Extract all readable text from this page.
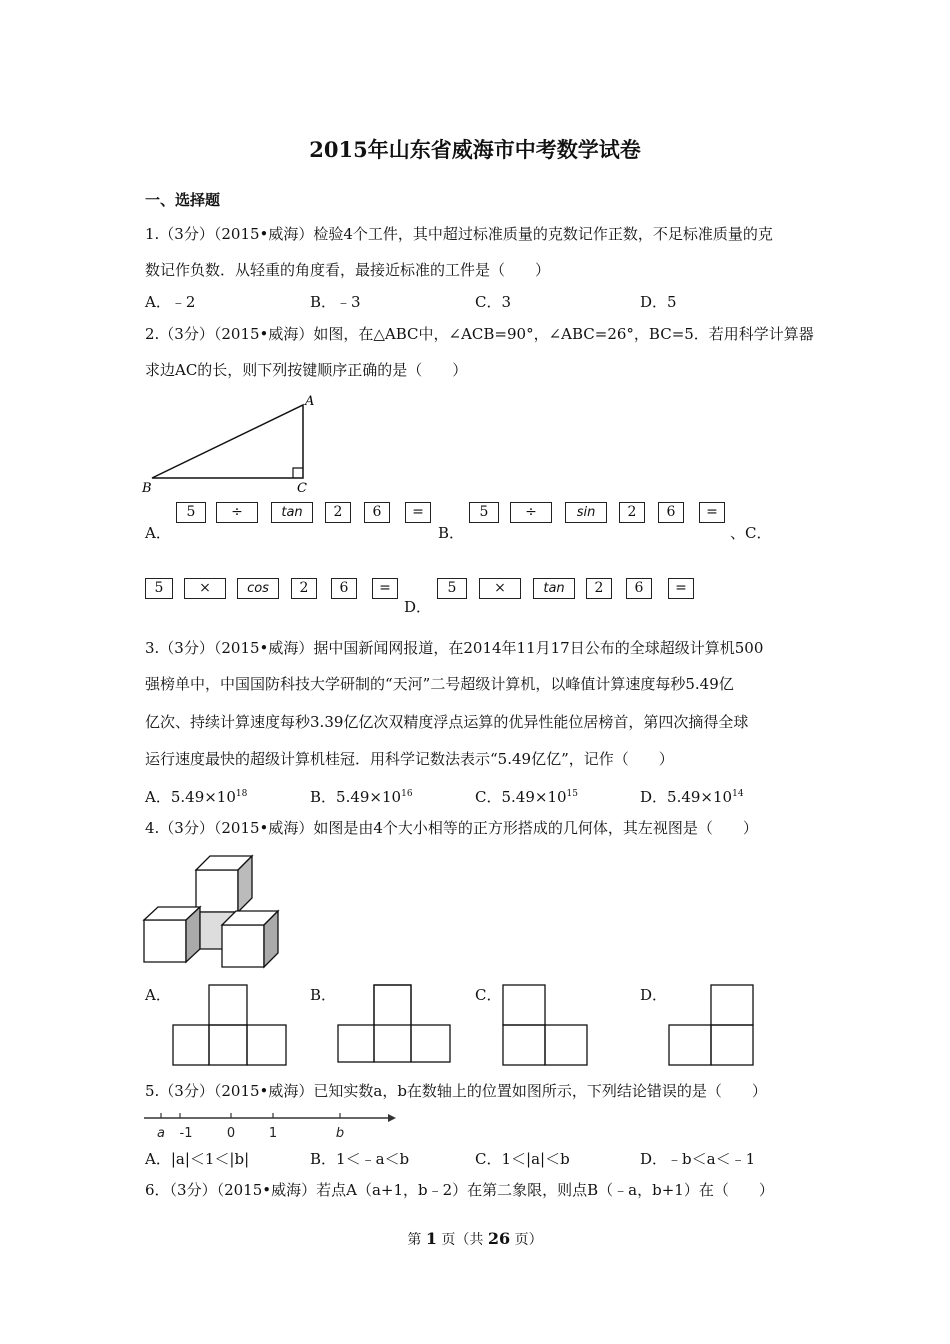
2015年山东省威海市中考数学试卷
一、选择题
1.（3分）（2015•威海）检验4个工件，其中超过标准质量的克数记作正数，不足标准质量的克
数记作负数．从轻重的角度看，最接近标准的工件是（　　）
A．﹣2	B．﹣3	C．3	D．5
2.（3分）（2015•威海）如图，在△ABC中，∠ACB=90°，∠ABC=26°，BC=5．若用科学计算器
求边AC的长，则下列按键顺序正确的是（　　）
A
B	C
A．
5	÷	tan	2	6	=
B．
5	÷	sin	2	6	=
、C．
5	×	cos	2	6	=
D．
5	×	tan	2	6	=
3.（3分）（2015•威海）据中国新闻网报道，在2014年11月17日公布的全球超级计算机500
强榜单中，中国国防科技大学研制的“天河”二号超级计算机，以峰值计算速度每秒5.49亿
亿次、持续计算速度每秒3.39亿亿次双精度浮点运算的优异性能位居榜首，第四次摘得全球
运行速度最快的超级计算机桂冠．用科学记数法表示“5.49亿亿”，记作（　　）
A．$5.49\times 10^{18}$	B．$5.49\times 10^{16}$	C．$5.49\times 10^{15}$	D．$5.49\times 10^{14}$
4.（3分）（2015•威海）如图是由4个大小相等的正方形搭成的几何体，其左视图是（　　）
A．	B．	C．	D．
5.（3分）（2015•威海）已知实数a，b在数轴上的位置如图所示，下列结论错误的是（　　）
a -1	0	1	b
A．|a|＜1＜|b|	B．1＜﹣a＜b	C．1＜|a|＜b	D．﹣b＜a＜﹣1
6．（3分）（2015•威海）若点A（a+1，b﹣2）在第二象限，则点B（﹣a，b+1）在（　　）
第 1 页（共 26 页）
